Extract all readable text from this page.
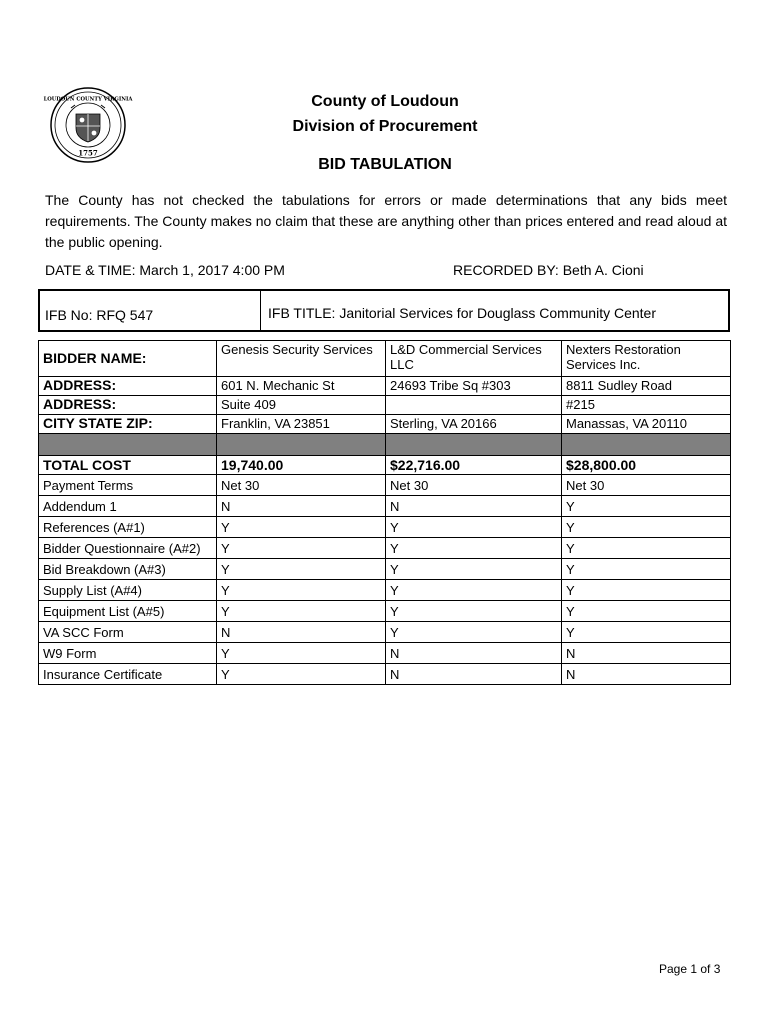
LOUDOUN COUNTY VIRGINIA
1757
County of Loudoun
Division of Procurement
BID TABULATION
The County has not checked the tabulations for errors or made determinations that any bids meet requirements. The County makes no claim that these are anything other than prices entered and read aloud at the public opening.
DATE & TIME: March 1, 2017 4:00 PM	RECORDED BY: Beth A. Cioni
IFB No: RFQ 547	IFB TITLE: Janitorial Services for Douglass Community Center
BIDDER NAME:	Genesis Security Services	L&D Commercial Services LLC	Nexters Restoration Services Inc.
ADDRESS:	601 N. Mechanic St	24693 Tribe Sq #303	8811 Sudley Road
ADDRESS:	Suite 409		#215
CITY STATE ZIP:	Franklin, VA 23851	Sterling, VA 20166	Manassas, VA 20110

TOTAL COST	19,740.00	$22,716.00	$28,800.00
Payment Terms	Net 30	Net 30	Net 30
Addendum 1	N	N	Y
References (A#1)	Y	Y	Y
Bidder Questionnaire (A#2)	Y	Y	Y
Bid Breakdown (A#3)	Y	Y	Y
Supply List (A#4)	Y	Y	Y
Equipment List (A#5)	Y	Y	Y
VA SCC Form	N	Y	Y
W9 Form	Y	N	N
Insurance Certificate	Y	N	N
Page 1 of 3
